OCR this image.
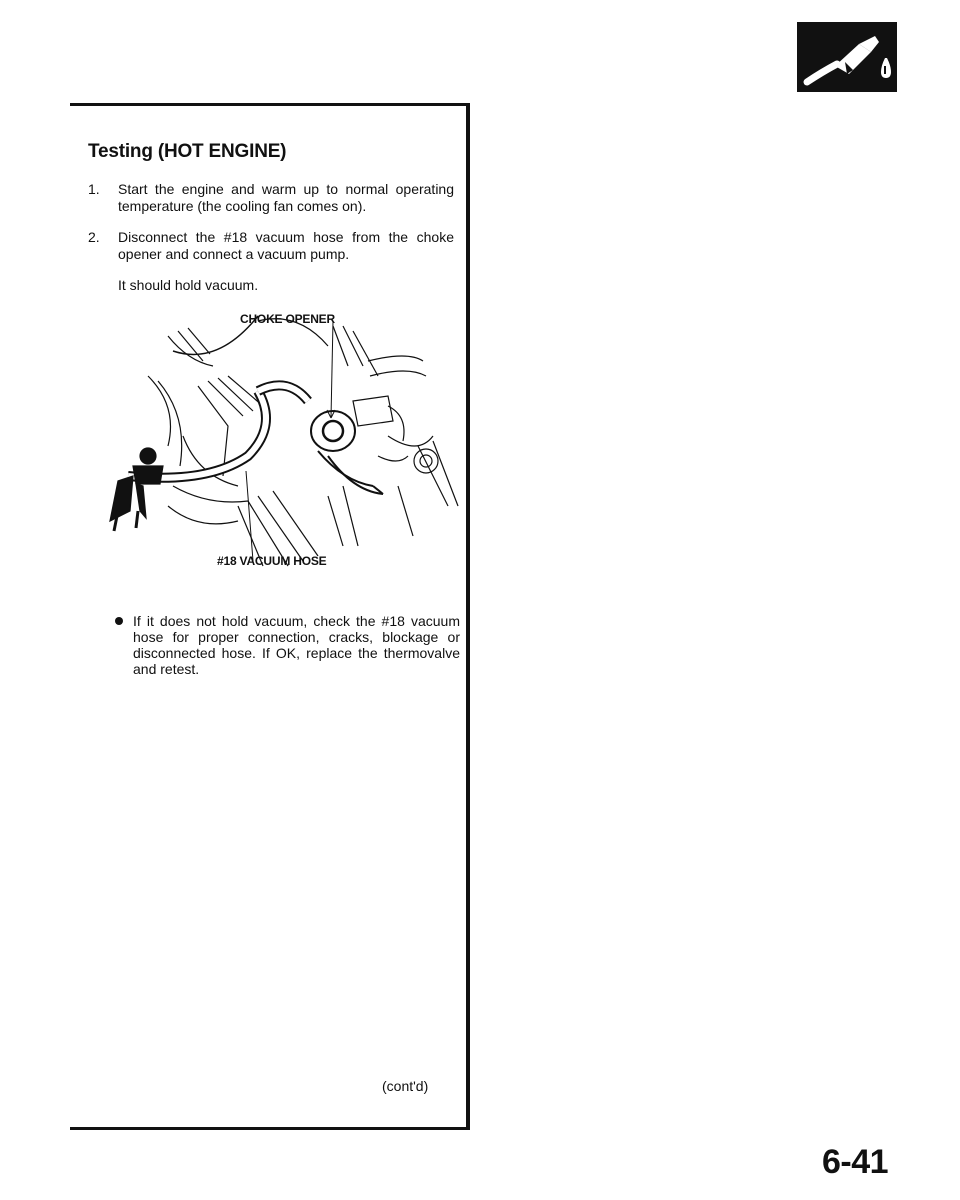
Testing (HOT ENGINE)
1.	Start the engine and warm up to normal operating temperature (the cooling fan comes on).
2.	Disconnect the #18 vacuum hose from the choke opener and connect a vacuum pump.
It should hold vacuum.
CHOKE OPENER
#18 VACUUM HOSE
If it does not hold vacuum, check the #18 vacuum hose for proper connection, cracks, blockage or disconnected hose. If OK, replace the thermovalve and retest.
(cont'd)
6-41
